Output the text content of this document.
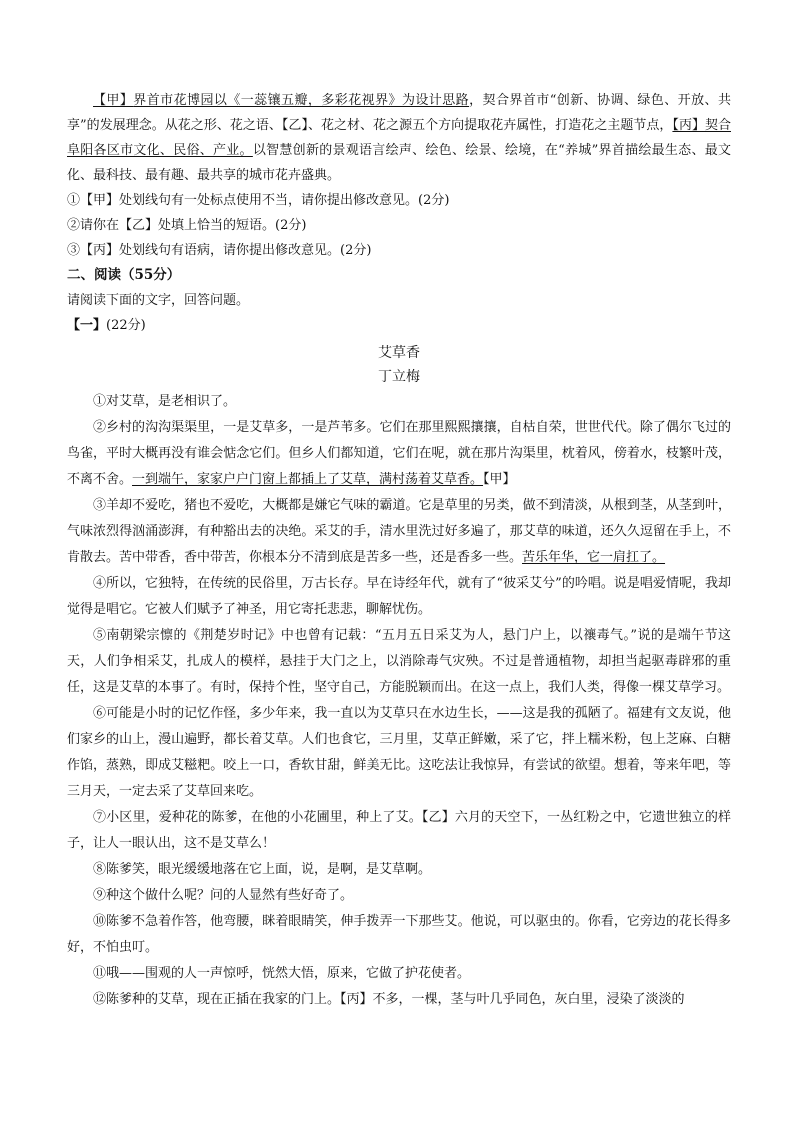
【甲】界首市花博园以《一蕊镶五瓣，多彩花视界》为设计思路，契合界首市“创新、协调、绿色、开放、共享”的发展理念。从花之形、花之语、【乙】、花之材、花之源五个方向提取花卉属性，打造花之主题节点，【丙】契合阜阳各区市文化、民俗、产业。以智慧创新的景观语言绘声、绘色、绘景、绘境，在“养城”界首描绘最生态、最文化、最科技、最有趣、最共享的城市花卉盛典。

①【甲】处划线句有一处标点使用不当，请你提出修改意见。(2分)

②请你在【乙】处填上恰当的短语。(2分)

③【丙】处划线句有语病，请你提出修改意见。(2分)

二、阅读（55分）

请阅读下面的文字，回答问题。

【一】(22分)

艾草香

丁立梅

①对艾草，是老相识了。

②乡村的沟沟渠渠里，一是艾草多，一是芦苇多。它们在那里熙熙攘攘，自枯自荣，世世代代。除了偶尔飞过的鸟雀，平时大概再没有谁会惦念它们。但乡人们都知道，它们在呢，就在那片沟渠里，枕着风，傍着水，枝繁叶茂，不离不舍。一到端午，家家户户门窗上都插上了艾草，满村荡着艾草香。【甲】

③羊却不爱吃，猪也不爱吃，大概都是嫌它气味的霸道。它是草里的另类，做不到清淡，从根到茎，从茎到叶，气味浓烈得汹涌澎湃，有种豁出去的决绝。采艾的手，清水里洗过好多遍了，那艾草的味道，还久久逗留在手上，不肯散去。苦中带香，香中带苦，你根本分不清到底是苦多一些，还是香多一些。苦乐年华，它一肩扛了。

④所以，它独特，在传统的民俗里，万古长存。早在诗经年代，就有了“彼采艾兮”的吟唱。说是唱爱情呢，我却觉得是唱它。它被人们赋予了神圣，用它寄托悲悲，聊解忧伤。

⑤南朝梁宗懔的《荆楚岁时记》中也曾有记载：“五月五日采艾为人，悬门户上，以禳毒气。”说的是端午节这天，人们争相采艾，扎成人的模样，悬挂于大门之上，以消除毒气灾殃。不过是普通植物，却担当起驱毒辟邪的重任，这是艾草的本事了。有时，保持个性，坚守自己，方能脱颖而出。在这一点上，我们人类，得像一棵艾草学习。

⑥可能是小时的记忆作怪，多少年来，我一直以为艾草只在水边生长，——这是我的孤陋了。福建有文友说，他们家乡的山上，漫山遍野，都长着艾草。人们也食它，三月里，艾草正鲜嫩，采了它，拌上糯米粉，包上芝麻、白糖作馅，蒸熟，即成艾糍粑。咬上一口，香软甘甜，鲜美无比。这吃法让我惊异，有尝试的欲望。想着，等来年吧，等三月天，一定去采了艾草回来吃。

⑦小区里，爱种花的陈爹，在他的小花圃里，种上了艾。【乙】六月的天空下，一丛红粉之中，它遗世独立的样子，让人一眼认出，这不是艾草么！

⑧陈爹笑，眼光缓缓地落在它上面，说，是啊，是艾草啊。

⑨种这个做什么呢？问的人显然有些好奇了。

⑩陈爹不急着作答，他弯腰，眯着眼睛笑，伸手拨弄一下那些艾。他说，可以驱虫的。你看，它旁边的花长得多好，不怕虫叮。

⑪哦——围观的人一声惊呼，恍然大悟，原来，它做了护花使者。

⑫陈爹种的艾草，现在正插在我家的门上。【丙】不多，一棵，茎与叶几乎同色，灰白里，浸染了淡淡的
